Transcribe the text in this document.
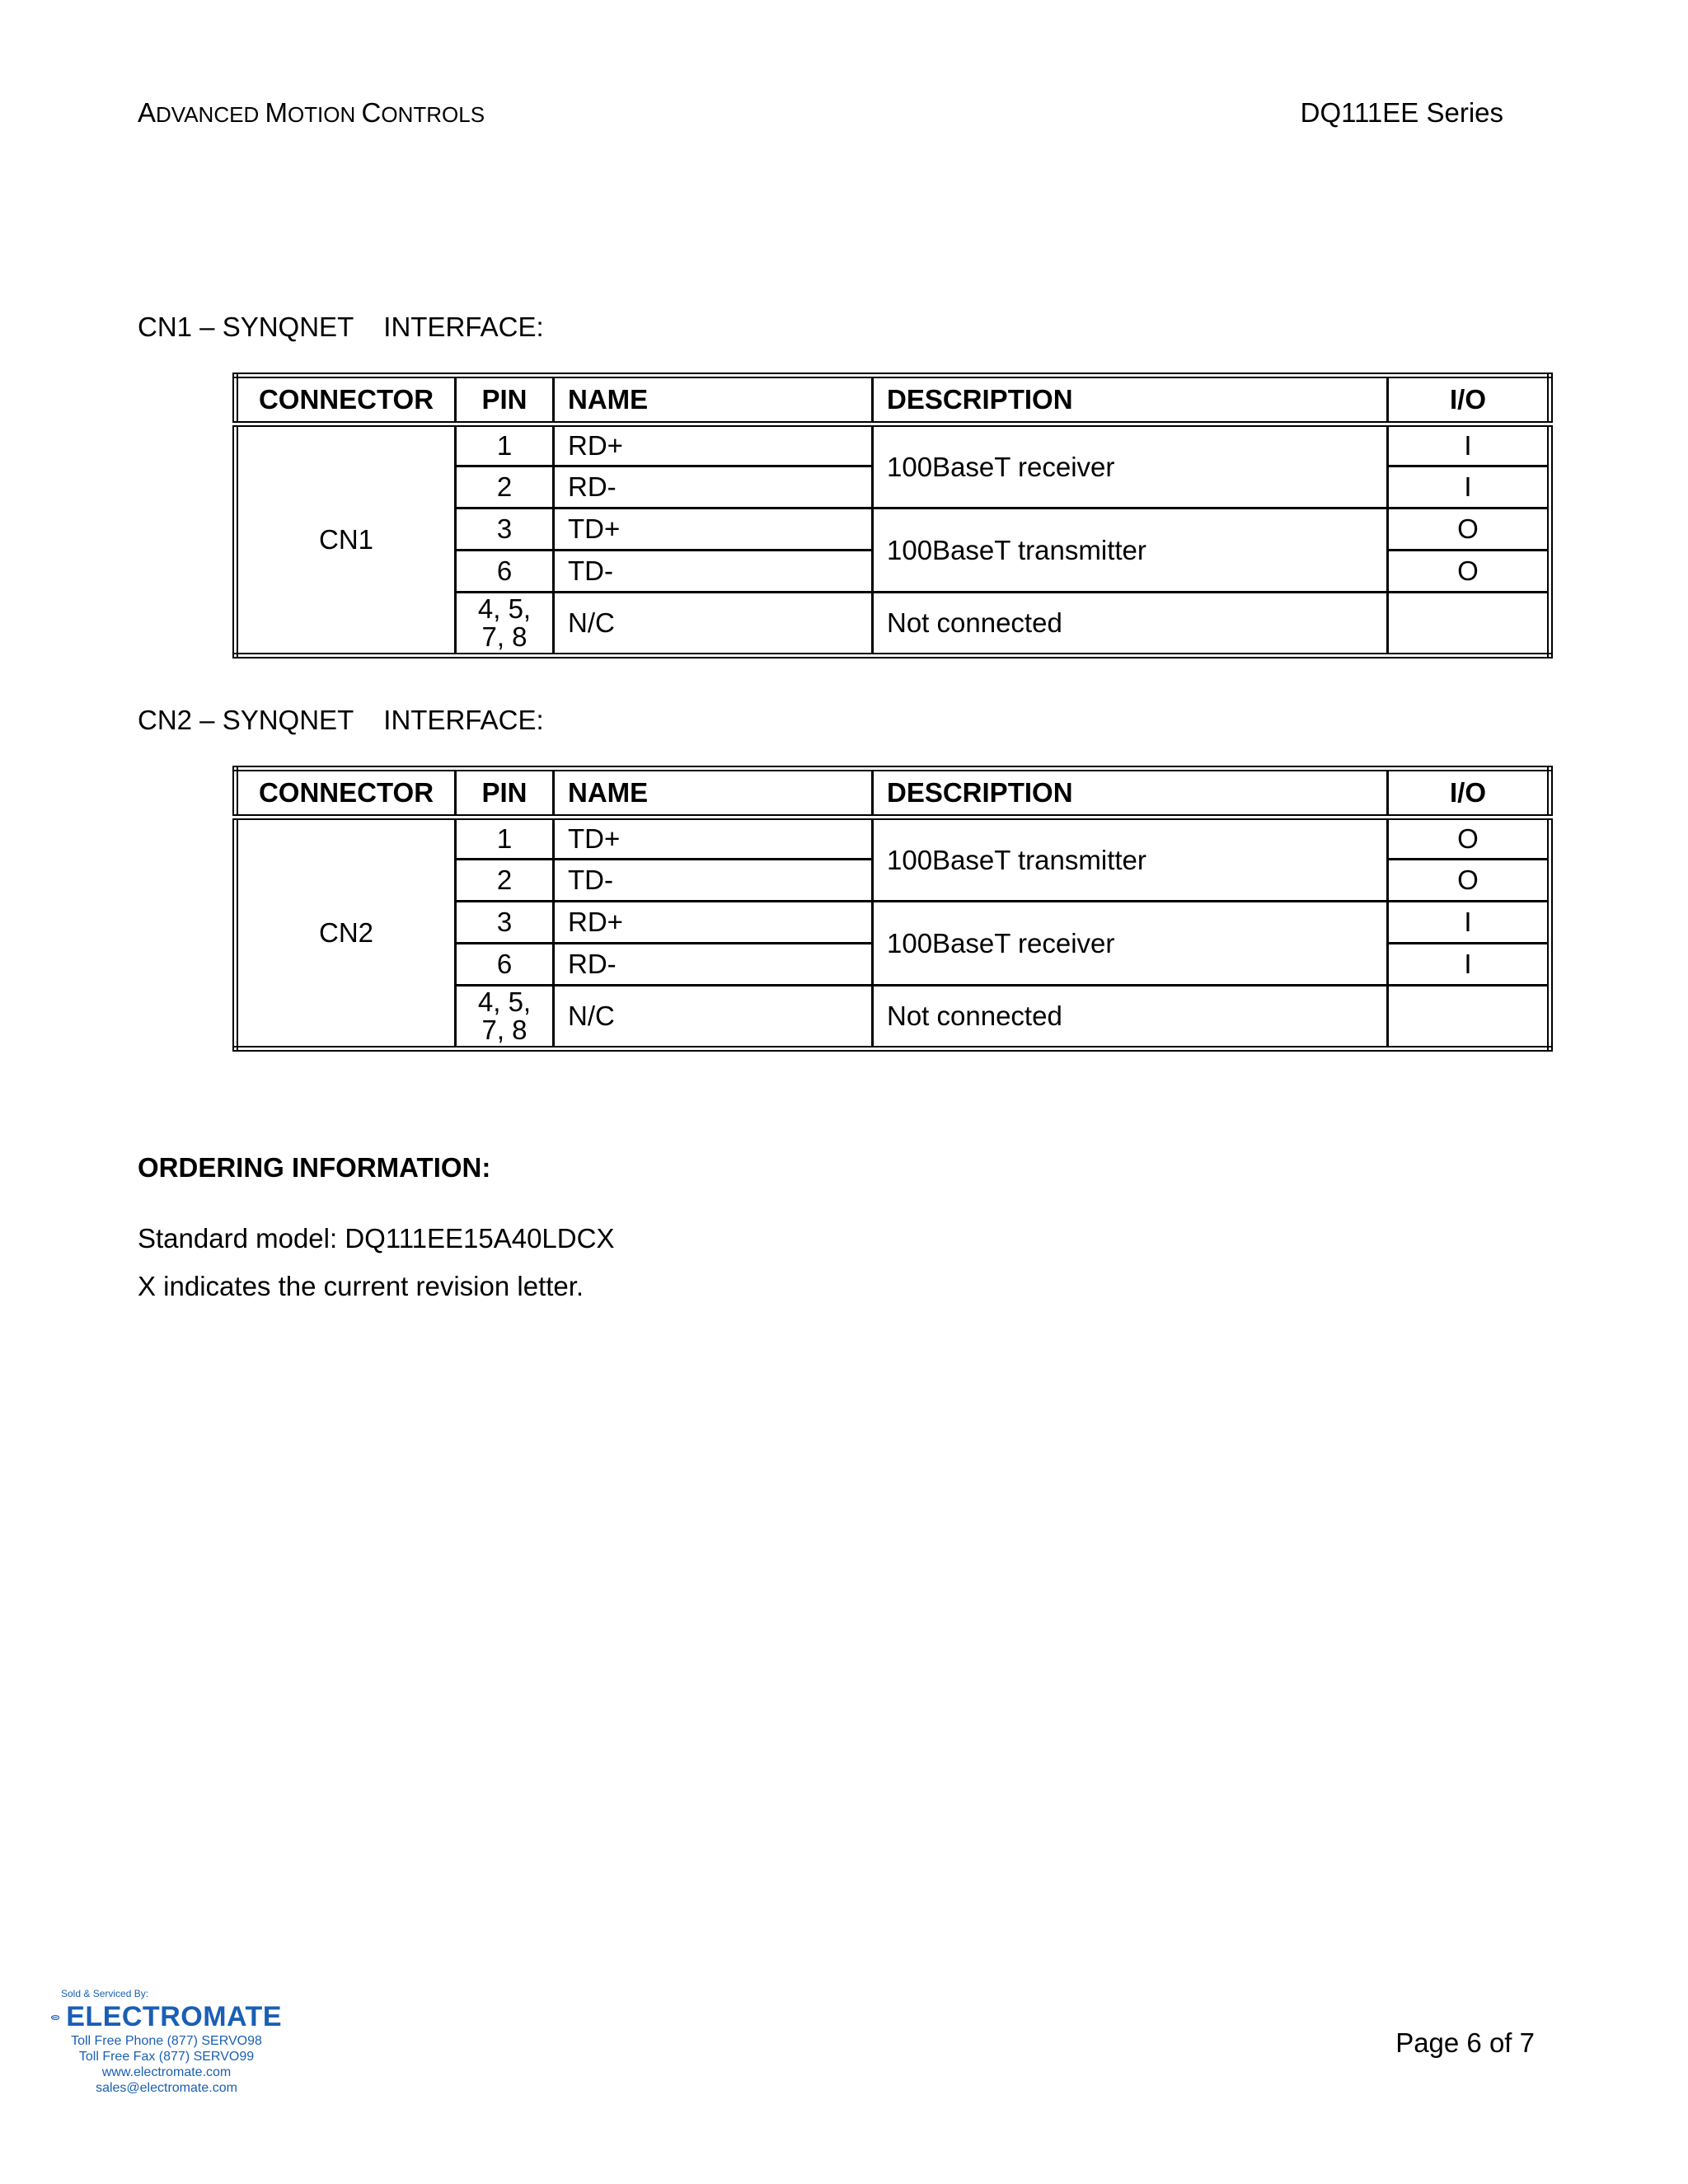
ADVANCED MOTION CONTROLS	DQ111EE Series
CN1 – SYNQNET    INTERFACE:
CONNECTOR	PIN	NAME	DESCRIPTION	I/O
CN1	1	RD+	100BaseT receiver	I
	2	RD-		I
	3	TD+	100BaseT transmitter	O
	6	TD-		O
	4, 5,
7, 8	N/C	Not connected	
CN2 – SYNQNET    INTERFACE:
CONNECTOR	PIN	NAME	DESCRIPTION	I/O
CN2	1	TD+	100BaseT transmitter	O
	2	TD-		O
	3	RD+	100BaseT receiver	I
	6	RD-		I
	4, 5,
7, 8	N/C	Not connected	
ORDERING INFORMATION:
Standard model: DQ111EE15A40LDCX
X indicates the current revision letter.
Sold & Serviced By:
ELECTROMATE
Toll Free Phone (877) SERVO98
Toll Free Fax (877) SERVO99
www.electromate.com
sales@electromate.com
Page 6 of 7
